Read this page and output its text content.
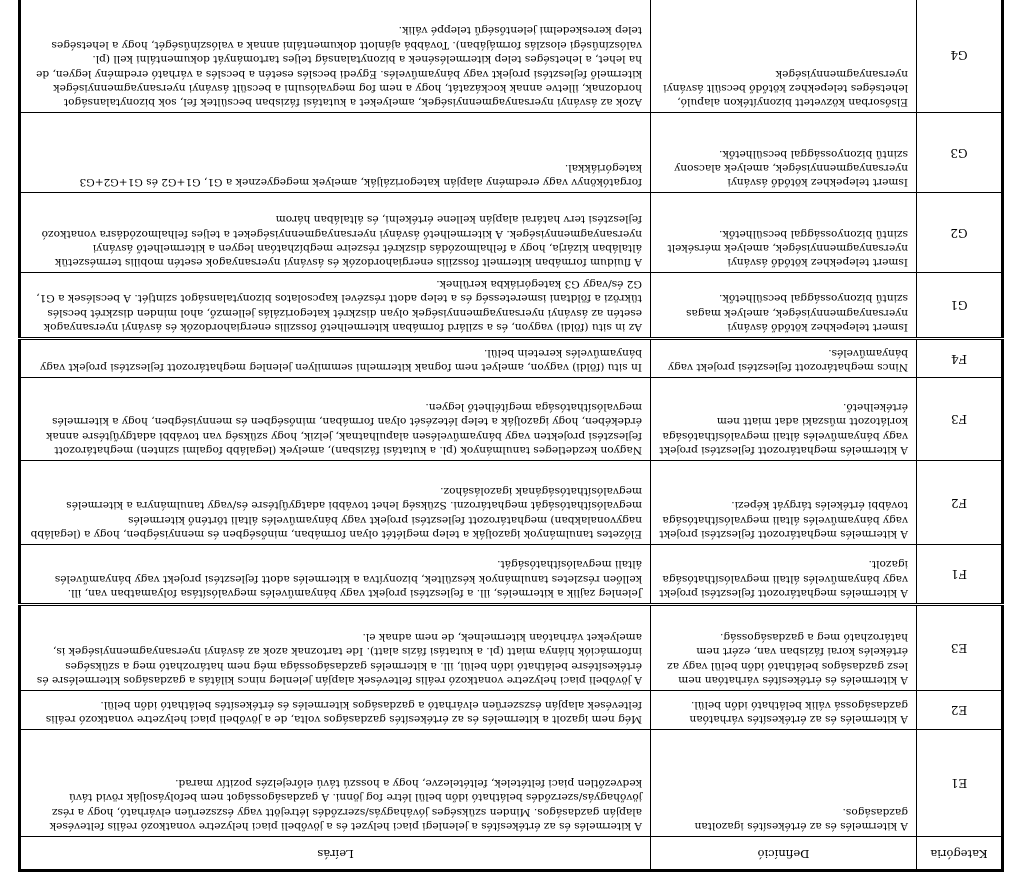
Kategória	Definíció	Leírás
E1	A kitermelés és az értékesítés igazoltan gazdaságos.	A kitermelés és az értékesítés a jelenlegi piaci helyzet és a jövőbeli piaci helyzetre vonatkozó reális feltevések alapján gazdaságos. Minden szükséges jóváhagyás/szerződés létrejött vagy észszerűen elvárható, hogy a rész jövőhagyás/szerződés belátható időn belül létre fog jönni. A gazdaságosságot nem befolyásolják rövid távú kedvezőtlen piaci feltételek, feltételezve, hogy a hosszú távú előrejelzés pozitív marad.
E2	A kitermelés és az értékesítés várhatóan gazdaságossá válik belátható időn belül.	Még nem igazolt a kitermelés és az értékesítés gazdaságos volta, de a jövőbeli piaci helyzetre vonatkozó reális feltevések alapján észszerűen elvárható a gazdaságos kitermelés és értékesítés belátható időn belül.
E3	A kitermelés és értékesítés várhatóan nem lesz gazdaságos belátható időn belül vagy az értékelés korai fázisban van, ezért nem határozható meg a gazdaságosság.	A jövőbeli piaci helyzetre vonatkozó reális feltevések alapján jelenleg nincs kilátás a gazdaságos kitermelésre és értékesítésre belátható időn belül, ill. a kitermelés gazdaságossága még nem határozható meg a szükséges információk hiánya miatt (pl. a kutatási fázis alatt). Ide tartoznak azok az ásványi nyersanyagmennyiségek is, amelyeket várhatóan kitermelnek, de nem adnak el.
F1	A kitermelés meghatározott fejlesztési projekt vagy bányaművelés általi megvalósíthatósága igazolt.	Jelenleg zajlik a kitermelés, ill. a fejlesztési projekt vagy bányaművelés megvalósítása folyamatban van, ill. kellően részletes tanulmányok készültek, bizonyítva a kitermelés adott fejlesztési projekt vagy bányaművelés általi megvalósíthatóságát.
F2	A kitermelés meghatározott fejlesztési projekt vagy bányaművelés általi megvalósíthatósága további értékelés tárgyát képezi.	Előzetes tanulmányok igazolják a telep meglétét olyan formában, minőségben és mennyiségben, hogy a (legalább nagyvonalakban) meghatározott fejlesztési projekt vagy bányaművelés általi történő kitermelés megvalósíthatóságát meghatározni. Szükség lehet további adatgyűjtésre és/vagy tanulmányra a kitermelés megvalósíthatóságának igazolásához.
F3	A kitermelés meghatározott fejlesztési projekt vagy bányaművelés általi megvalósíthatósága korlátozott műszaki adat miatt nem értékelhető.	Nagyon kezdetleges tanulmányok (pl. a kutatási fázisban), amelyek (legalább fogalmi szinten) meghatározott fejlesztési projekten vagy bányaművelésen alapulhatnak, jelzik, hogy szükség van további adatgyűjtésre annak érdekében, hogy igazolják a telep létezését olyan formában, minőségben és mennyiségben, hogy a kitermelés megvalósíthatósága megítélhető legyen.
F4	Nincs meghatározott fejlesztési projekt vagy bányaművelés.	In situ (földi) vagyon, amelyet nem fognak kitermelni semmilyen jelenleg meghatározott fejlesztési projekt vagy bányaművelés keretein belül.
G1	Ismert telepekhez kötődő ásványi nyersanyagmennyiségek, amelyek magas szintű bizonyossággal becsülhetők.	Az in situ (földi) vagyon, és a szilárd formában kitermelhető fosszilis energiahordozók és ásványi nyersanyagok esetén az ásványi nyersanyagmennyiségek olyan diszkrét kategorizálás jellemző, ahol minden diszkrét becslés tükrözi a földtani ismeretesség és a telep adott részével kapcsolatos bizonytalanságot szintjét. A becslések a G1, G2 és/vagy G3 kategóriákba kerülnek.
G2	Ismert telepekhez kötődő ásványi nyersanyagmennyiségek, amelyek mérsékelt szintű bizonyossággal becsülhetők.	A fluidum formában kitermelt fosszilis energiahordozók és ásványi nyersanyagok esetén mobilis természetük általában kizárja, hogy a felhalmozódás diszkrét részeire megbízhatóan legyen a kitermelhető ásványi nyersanyagmennyiségek. A kitermelhető ásványi nyersanyagmennyiségeket a teljes felhalmozódásra vonatkozó fejlesztési terv határai alapján kellene értékelni, és általában három
G3	Ismert telepekhez kötődő ásványi nyersanyagmennyiségek, amelyek alacsony szintű bizonyossággal becsülhetők.	forgatókönyv vagy eredmény alapján kategorizálják, amelyek megegyeznek a G1, G1+G2 és G1+G2+G3 kategóriákkal.
G4	Elsősorban közvetett bizonyítékon alapuló, lehetséges telepekhez kötődő becsült ásványi nyersanyagmennyiségek	Azok az ásványi nyersanyagmennyiségek, amelyeket a kutatási fázisban becsültek fel, sok bizonytalanságot hordoznak, illetve annak kockázatát, hogy a nem fog megvalósulni a becsült ásványi nyersanyagmennyiségek kitermelő fejlesztési projekt vagy bányaművelés. Egyedi becslés esetén a becslés a várható eredmény legyen, de ha lehet, a lehetséges telep kitermelésének a bizonytalanság teljes tartományát dokumentálni kell (pl. valószínűségi eloszlás formájában). Továbbá ajánlott dokumentálni annak a valószínűségét, hogy a lehetséges telep kereskedelmi jelentőségű teleppé válik.
